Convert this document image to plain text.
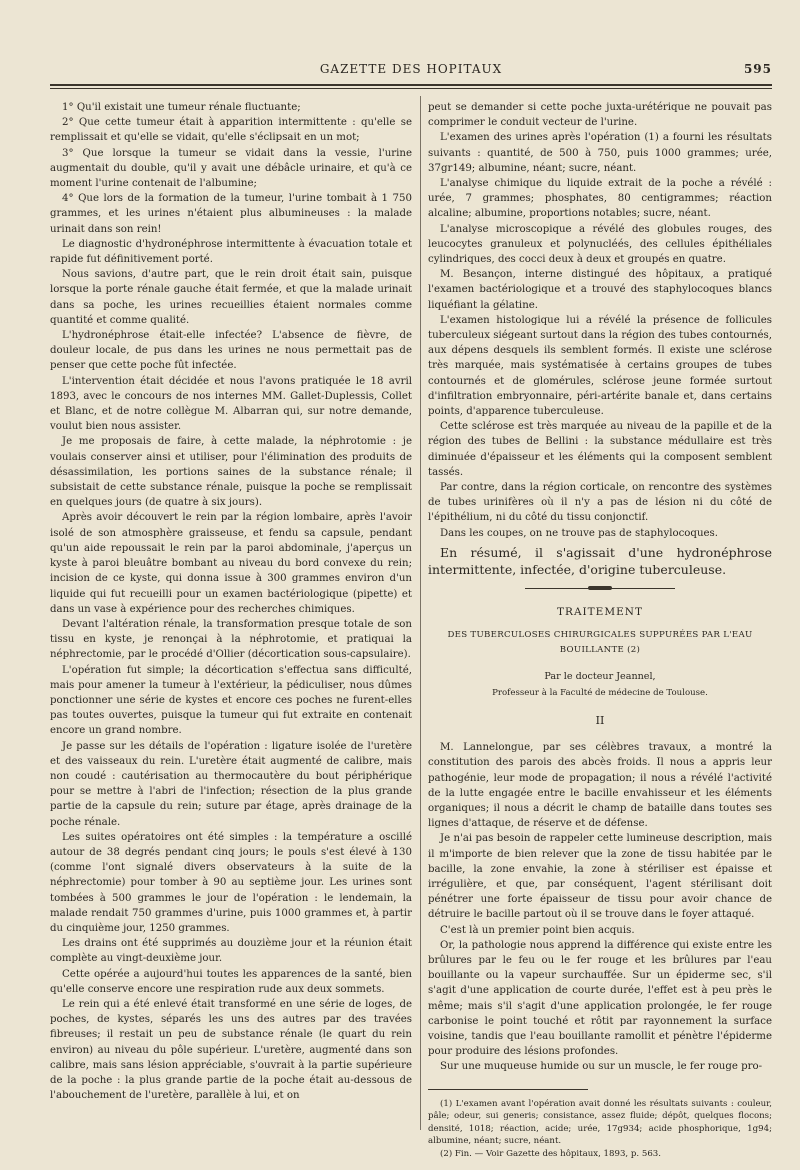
GAZETTE DES HOPITAUX	595

1° Qu'il existait une tumeur rénale fluctuante;

2° Que cette tumeur était à apparition intermittente : qu'elle se remplissait et qu'elle se vidait, qu'elle s'éclipsait en un mot;

3° Que lorsque la tumeur se vidait dans la vessie, l'urine augmentait du double, qu'il y avait une débâcle urinaire, et qu'à ce moment l'urine contenait de l'albumine;

4° Que lors de la formation de la tumeur, l'urine tombait à 1 750 grammes, et les urines n'étaient plus albumineuses : la malade urinait dans son rein!

Le diagnostic d'hydronéphrose intermittente à évacuation totale et rapide fut définitivement porté.

Nous savions, d'autre part, que le rein droit était sain, puisque lorsque la porte rénale gauche était fermée, et que la malade urinait dans sa poche, les urines recueillies étaient normales comme quantité et comme qualité.

L'hydronéphrose était-elle infectée? L'absence de fièvre, de douleur locale, de pus dans les urines ne nous permettait pas de penser que cette poche fût infectée.

L'intervention était décidée et nous l'avons pratiquée le 18 avril 1893, avec le concours de nos internes MM. Gallet-Duplessis, Collet et Blanc, et de notre collègue M. Albarran qui, sur notre demande, voulut bien nous assister.

Je me proposais de faire, à cette malade, la néphrotomie : je voulais conserver ainsi et utiliser, pour l'élimination des produits de désassimilation, les portions saines de la substance rénale; il subsistait de cette substance rénale, puisque la poche se remplissait en quelques jours (de quatre à six jours).

Après avoir découvert le rein par la région lombaire, après l'avoir isolé de son atmosphère graisseuse, et fendu sa capsule, pendant qu'un aide repoussait le rein par la paroi abdominale, j'aperçus un kyste à paroi bleuâtre bombant au niveau du bord convexe du rein; incision de ce kyste, qui donna issue à 300 grammes environ d'un liquide qui fut recueilli pour un examen bactériologique (pipette) et dans un vase à expérience pour des recherches chimiques.

Devant l'altération rénale, la transformation presque totale de son tissu en kyste, je renonçai à la néphrotomie, et pratiquai la néphrectomie, par le procédé d'Ollier (décortication sous-capsulaire).

L'opération fut simple; la décortication s'effectua sans difficulté, mais pour amener la tumeur à l'extérieur, la pédiculiser, nous dûmes ponctionner une série de kystes et encore ces poches ne furent-elles pas toutes ouvertes, puisque la tumeur qui fut extraite en contenait encore un grand nombre.

Je passe sur les détails de l'opération : ligature isolée de l'uretère et des vaisseaux du rein. L'uretère était augmenté de calibre, mais non coudé : cautérisation au thermocautère du bout périphérique pour se mettre à l'abri de l'infection; résection de la plus grande partie de la capsule du rein; suture par étage, après drainage de la poche rénale.

Les suites opératoires ont été simples : la température a oscillé autour de 38 degrés pendant cinq jours; le pouls s'est élevé à 130 (comme l'ont signalé divers observateurs à la suite de la néphrectomie) pour tomber à 90 au septième jour. Les urines sont tombées à 500 grammes le jour de l'opération : le lendemain, la malade rendait 750 grammes d'urine, puis 1000 grammes et, à partir du cinquième jour, 1250 grammes.

Les drains ont été supprimés au douzième jour et la réunion était complète au vingt-deuxième jour.

Cette opérée a aujourd'hui toutes les apparences de la santé, bien qu'elle conserve encore une respiration rude aux deux sommets.

Le rein qui a été enlevé était transformé en une série de loges, de poches, de kystes, séparés les uns des autres par des travées fibreuses; il restait un peu de substance rénale (le quart du rein environ) au niveau du pôle supérieur. L'uretère, augmenté dans son calibre, mais sans lésion appréciable, s'ouvrait à la partie supérieure de la poche : la plus grande partie de la poche était au-dessous de l'abouchement de l'uretère, parallèle à lui, et on

peut se demander si cette poche juxta-urétérique ne pouvait pas comprimer le conduit vecteur de l'urine.

L'examen des urines après l'opération (1) a fourni les résultats suivants : quantité, de 500 à 750, puis 1000 grammes; urée, 37gr149; albumine, néant; sucre, néant.

L'analyse chimique du liquide extrait de la poche a révélé : urée, 7 grammes; phosphates, 80 centigrammes; réaction alcaline; albumine, proportions notables; sucre, néant.

L'analyse microscopique a révélé des globules rouges, des leucocytes granuleux et polynucléés, des cellules épithéliales cylindriques, des cocci deux à deux et groupés en quatre.

M. Besançon, interne distingué des hôpitaux, a pratiqué l'examen bactériologique et a trouvé des staphylocoques blancs liquéfiant la gélatine.

L'examen histologique lui a révélé la présence de follicules tuberculeux siégeant surtout dans la région des tubes contournés, aux dépens desquels ils semblent formés. Il existe une sclérose très marquée, mais systématisée à certains groupes de tubes contournés et de glomérules, sclérose jeune formée surtout d'infiltration embryonnaire, péri-artérite banale et, dans certains points, d'apparence tuberculeuse.

Cette sclérose est très marquée au niveau de la papille et de la région des tubes de Bellini : la substance médullaire est très diminuée d'épaisseur et les éléments qui la composent semblent tassés.

Par contre, dans la région corticale, on rencontre des systèmes de tubes urinifères où il n'y a pas de lésion ni du côté de l'épithélium, ni du côté du tissu conjonctif.

Dans les coupes, on ne trouve pas de staphylocoques.

En résumé, il s'agissait d'une hydronéphrose intermittente, infectée, d'origine tuberculeuse.

TRAITEMENT
DES TUBERCULOSES CHIRURGICALES SUPPURÉES PAR L'EAU BOUILLANTE (2)
Par le docteur Jeannel,
Professeur à la Faculté de médecine de Toulouse.
II

M. Lannelongue, par ses célèbres travaux, a montré la constitution des parois des abcès froids. Il nous a appris leur pathogénie, leur mode de propagation; il nous a révélé l'activité de la lutte engagée entre le bacille envahisseur et les éléments organiques; il nous a décrit le champ de bataille dans toutes ses lignes d'attaque, de réserve et de défense.

Je n'ai pas besoin de rappeler cette lumineuse description, mais il m'importe de bien relever que la zone de tissu habitée par le bacille, la zone envahie, la zone à stériliser est épaisse et irrégulière, et que, par conséquent, l'agent stérilisant doit pénétrer une forte épaisseur de tissu pour avoir chance de détruire le bacille partout où il se trouve dans le foyer attaqué.

C'est là un premier point bien acquis.

Or, la pathologie nous apprend la différence qui existe entre les brûlures par le feu ou le fer rouge et les brûlures par l'eau bouillante ou la vapeur surchauffée. Sur un épiderme sec, s'il s'agit d'une application de courte durée, l'effet est à peu près le même; mais s'il s'agit d'une application prolongée, le fer rouge carbonise le point touché et rôtit par rayonnement la surface voisine, tandis que l'eau bouillante ramollit et pénètre l'épiderme pour produire des lésions profondes.

Sur une muqueuse humide ou sur un muscle, le fer rouge pro-

(1) L'examen avant l'opération avait donné les résultats suivants : couleur, pâle; odeur, sui generis; consistance, assez fluide; dépôt, quelques flocons; densité, 1018; réaction, acide; urée, 17g934; acide phosphorique, 1g94; albumine, néant; sucre, néant.

(2) Fin. — Voir Gazette des hôpitaux, 1893, p. 563.
